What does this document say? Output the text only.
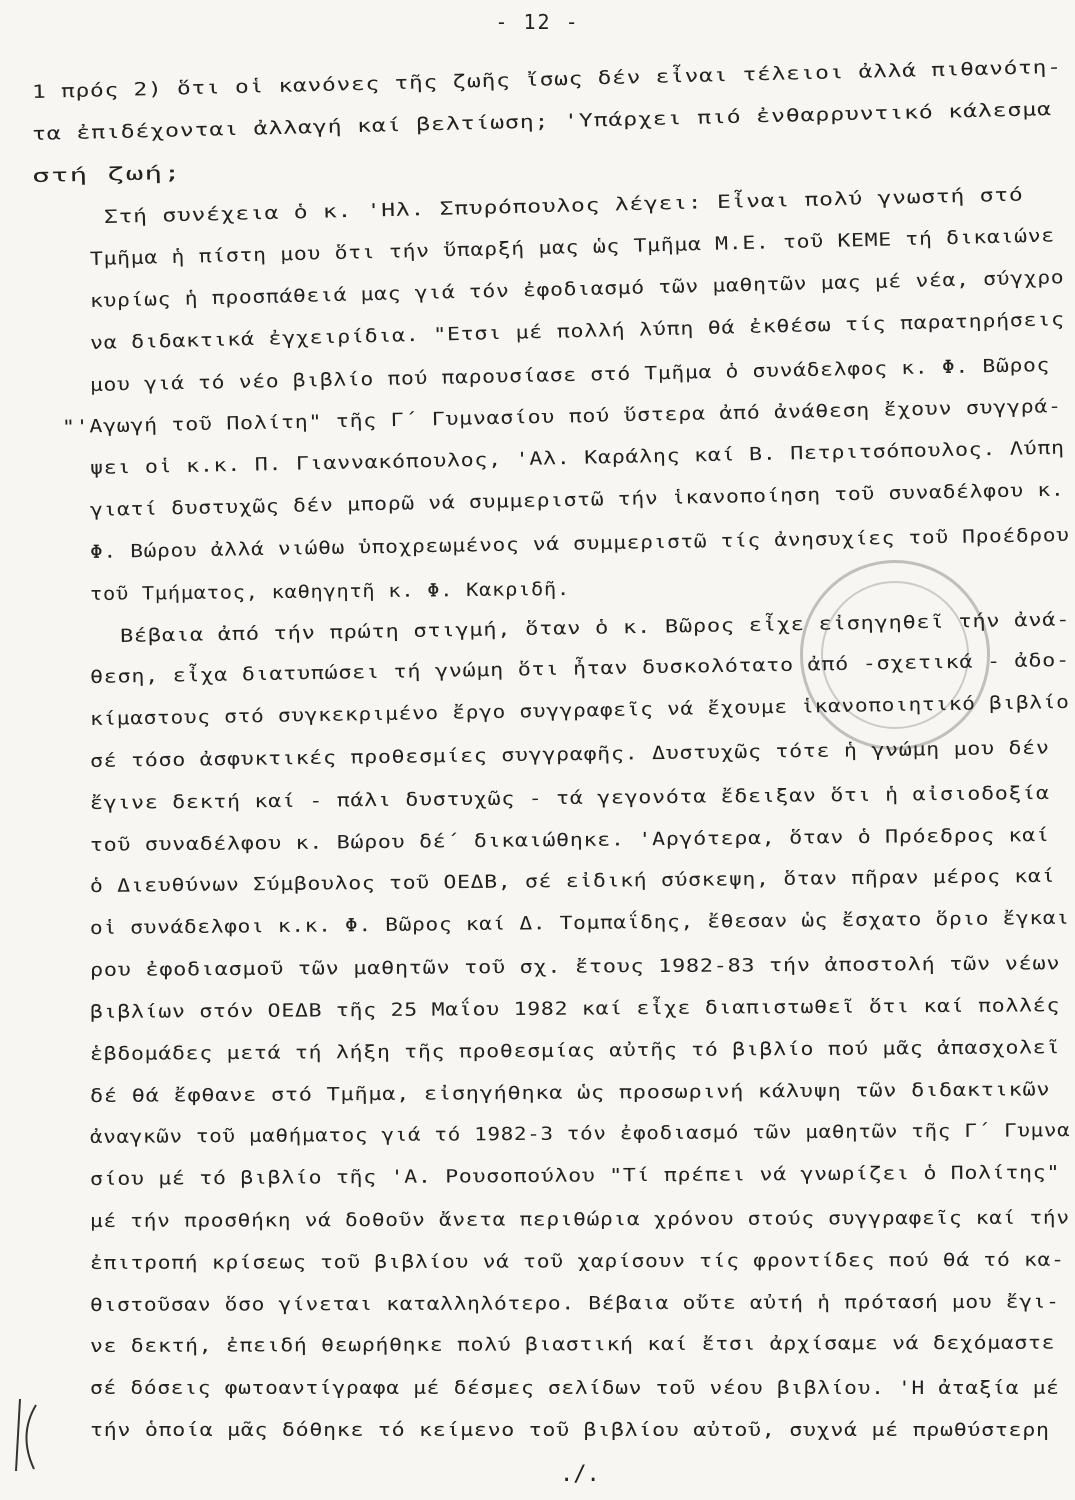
- 12 -
1 πρός 2) ὅτι οἱ κανόνες τῆς ζωῆς ἴσως δέν εἶναι τέλειοι ἀλλά πιθανότη-
τα ἐπιδέχονται ἀλλαγή καί βελτίωση; 'Υπάρχει πιό ἐνθαρρυντικό κάλεσμα
στή ζωή;
Στή συνέχεια ὁ κ. 'Ηλ. Σπυρόπουλος λέγει: Εἶναι πολύ γνωστή στό
Τμῆμα ἡ πίστη μου ὅτι τήν ὕπαρξή μας ὡς Τμῆμα Μ.Ε. τοῦ ΚΕΜΕ τή δικαιώνε
κυρίως ἡ προσπάθειά μας γιά τόν ἐφοδιασμό τῶν μαθητῶν μας μέ νέα, σύγχρο
να διδακτικά ἐγχειρίδια. "Ετσι μέ πολλή λύπη θά ἐκθέσω τίς παρατηρήσεις
μου γιά τό νέο βιβλίο πού παρουσίασε στό Τμῆμα ὁ συνάδελφος κ. Φ. Βῶρος
"'Αγωγή τοῦ Πολίτη" τῆς Γ΄ Γυμνασίου πού ὕστερα ἀπό ἀνάθεση ἔχουν συγγρά-
ψει οἱ κ.κ. Π. Γιαννακόπουλος, 'Αλ. Καράλης καί Β. Πετριτσόπουλος. Λύπη
γιατί δυστυχῶς δέν μπορῶ νά συμμεριστῶ τήν ἱκανοποίηση τοῦ συναδέλφου κ.
Φ. Βώρου ἀλλά νιώθω ὑποχρεωμένος νά συμμεριστῶ τίς ἀνησυχίες τοῦ Προέδρου
τοῦ Τμήματος, καθηγητῆ κ. Φ. Κακριδῆ.
Βέβαια ἀπό τήν πρώτη στιγμή, ὅταν ὁ κ. Βῶρος εἶχε εἰσηγηθεῖ τήν ἀνά-
θεση, εἶχα διατυπώσει τή γνώμη ὅτι ἦταν δυσκολότατο ἀπό -σχετικά - ἀδο-
κίμαστους στό συγκεκριμένο ἔργο συγγραφεῖς νά ἔχουμε ἱκανοποιητικό βιβλίο
σέ τόσο ἀσφυκτικές προθεσμίες συγγραφῆς. Δυστυχῶς τότε ἡ γνώμη μου δέν
ἔγινε δεκτή καί - πάλι δυστυχῶς - τά γεγονότα ἔδειξαν ὅτι ἡ αἰσιοδοξία
τοῦ συναδέλφου κ. Βώρου δέ΄ δικαιώθηκε. 'Αργότερα, ὅταν ὁ Πρόεδρος καί
ὁ Διευθύνων Σύμβουλος τοῦ ΟΕΔΒ, σέ εἰδική σύσκεψη, ὅταν πῆραν μέρος καί
οἱ συνάδελφοι κ.κ. Φ. Βῶρος καί Δ. Τομπαΐδης, ἔθεσαν ὡς ἔσχατο ὅριο ἔγκαι
ρου ἐφοδιασμοῦ τῶν μαθητῶν τοῦ σχ. ἔτους 1982-83 τήν ἀποστολή τῶν νέων
βιβλίων στόν ΟΕΔΒ τῆς 25 Μαΐου 1982 καί εἶχε διαπιστωθεῖ ὅτι καί πολλές
ἑβδομάδες μετά τή λήξη τῆς προθεσμίας αὐτῆς τό βιβλίο πού μᾶς ἀπασχολεῖ
δέ θά ἔφθανε στό Τμῆμα, εἰσηγήθηκα ὡς προσωρινή κάλυψη τῶν διδακτικῶν
ἀναγκῶν τοῦ μαθήματος γιά τό 1982-3 τόν ἐφοδιασμό τῶν μαθητῶν τῆς Γ΄ Γυμνα
σίου μέ τό βιβλίο τῆς 'Α. Ρουσοπούλου "Τί πρέπει νά γνωρίζει ὁ Πολίτης"
μέ τήν προσθήκη νά δοθοῦν ἄνετα περιθώρια χρόνου στούς συγγραφεῖς καί τήν
ἐπιτροπή κρίσεως τοῦ βιβλίου νά τοῦ χαρίσουν τίς φροντίδες πού θά τό κα-
θιστοῦσαν ὅσο γίνεται καταλληλότερο. Βέβαια οὔτε αὐτή ἡ πρότασή μου ἔγι-
νε δεκτή, ἐπειδή θεωρήθηκε πολύ βιαστική καί ἔτσι ἀρχίσαμε νά δεχόμαστε
σέ δόσεις φωτοαντίγραφα μέ δέσμες σελίδων τοῦ νέου βιβλίου. 'Η ἀταξία μέ
τήν ὁποία μᾶς δόθηκε τό κείμενο τοῦ βιβλίου αὐτοῦ, συχνά μέ πρωθύστερη
./.
